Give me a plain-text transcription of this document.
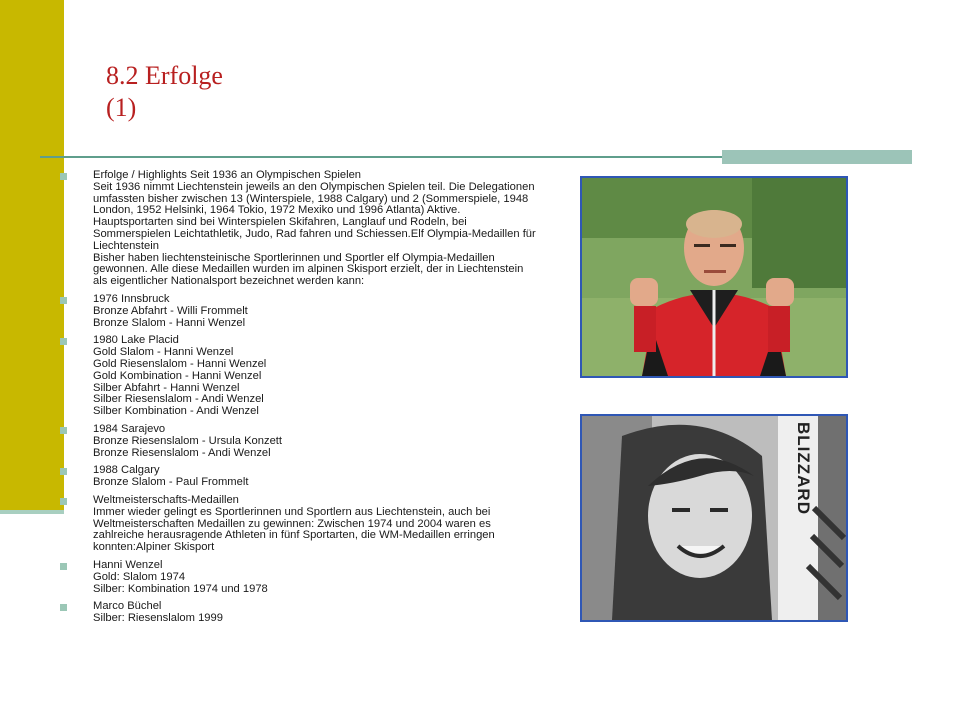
8.2 Erfolge
(1)
Erfolge / Highlights Seit 1936 an Olympischen Spielen
Seit 1936 nimmt Liechtenstein jeweils an den Olympischen Spielen teil. Die Delegationen umfassten bisher zwischen 13 (Winterspiele, 1988 Calgary) und 2 (Sommerspiele, 1948 London, 1952 Helsinki, 1964 Tokio, 1972 Mexiko und 1996 Atlanta) Aktive. Hauptsportarten sind bei Winterspielen Skifahren, Langlauf und Rodeln, bei Sommerspielen Leichtathletik, Judo, Rad fahren und Schiessen.Elf Olympia-Medaillen für Liechtenstein
Bisher haben liechtensteinische Sportlerinnen und Sportler elf Olympia-Medaillen gewonnen. Alle diese Medaillen wurden im alpinen Skisport erzielt, der in Liechtenstein als eigentlicher Nationalsport bezeichnet werden kann:
1976 Innsbruck
Bronze Abfahrt - Willi Frommelt
Bronze Slalom - Hanni Wenzel
1980 Lake Placid
Gold Slalom - Hanni Wenzel
Gold Riesenslalom - Hanni Wenzel
Gold Kombination - Hanni Wenzel
Silber Abfahrt - Hanni Wenzel
Silber Riesenslalom - Andi Wenzel
Silber Kombination - Andi Wenzel
1984 Sarajevo
Bronze Riesenslalom - Ursula Konzett
Bronze Riesenslalom - Andi Wenzel
1988 Calgary
Bronze Slalom - Paul Frommelt
Weltmeisterschafts-Medaillen
Immer wieder gelingt es Sportlerinnen und Sportlern aus Liechtenstein, auch bei Weltmeisterschaften Medaillen zu gewinnen: Zwischen 1974 und 2004 waren es zahlreiche herausragende Athleten in fünf Sportarten, die WM-Medaillen erringen konnten:Alpiner Skisport
Hanni Wenzel
Gold: Slalom 1974
Silber: Kombination 1974 und 1978
Marco Büchel
Silber: Riesenslalom 1999
BLIZZARD
